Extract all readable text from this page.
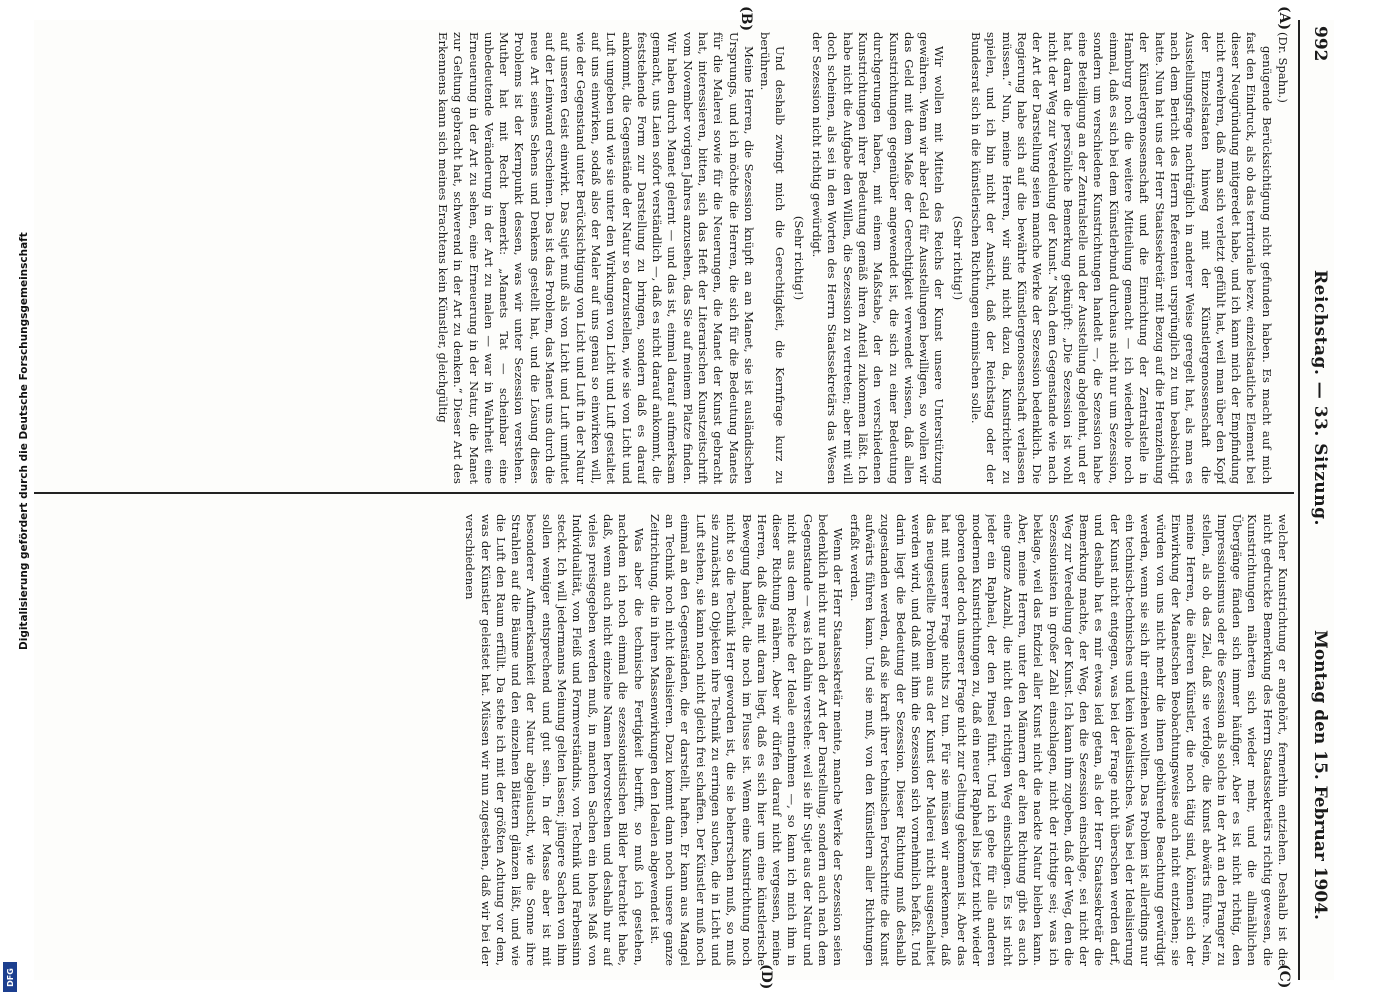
Digitalisierung gefördert durch die Deutsche Forschungsgemeinschaft
DFG
992
Reichstag. — 33. Sitzung.
Montag den 15. Februar 1904.
(A)
(B)
(C)
(D)

(Dr. Spahn.)

genügende Berücksichtigung nicht gefunden haben. Es macht auf mich fast den Eindruck, als ob das territoriale bezw. einzelstaatliche Element bei dieser Neugründung mitgeredet habe, und ich kann mich der Empfindung nicht erwehren, daß man sich verletzt gefühlt hat, weil man über den Kopf der Einzelstaaten hinweg mit der Künstlergenossenschaft die Ausstellungsfrage nachträglich in anderer Weise geregelt hat, als man es nach dem Bericht des Herrn Referenten ursprünglich zu tun beabsichtigt hatte. Nun hat uns der Herr Staatssekretär mit Bezug auf die Heranziehung der Künstlergenossenschaft und die Einrichtung der Zentralstelle in Hamburg noch die weitere Mitteilung gemacht — ich wiederhole noch einmal, daß es sich bei dem Künstlerbund durchaus nicht nur um Sezession, sondern um verschiedene Kunstrichtungen handelt —, die Sezession habe eine Beteiligung an der Zentralstelle und der Ausstellung abgelehnt, und er hat daran die persönliche Bemerkung geknüpft: „Die Sezession ist wohl nicht der Weg zur Veredelung der Kunst.“ Nach dem Gegenstande wie nach der Art der Darstellung seien manche Werke der Sezession bedenklich. Die Regierung habe sich auf die bewährte Künstlergenossenschaft verlassen müssen.“ Nun, meine Herren, wir sind nicht dazu da, Kunstrichter zu spielen, und ich bin nicht der Ansicht, daß der Reichstag oder der Bundesrat sich in die künstlerischen Richtungen einmischen solle.

(Sehr richtig!)

Wir wollen mit Mitteln des Reichs der Kunst unsere Unterstützung gewähren. Wenn wir aber Geld für Ausstellungen bewilligen, so wollen wir das Geld mit dem Maße der Gerechtigkeit verwendet wissen, daß allen Kunstrichtungen gegenüber angewendet ist, die sich zu einer Bedeutung durchgerungen haben, mit einem Maßstabe, der den verschiedenen Kunstrichtungen ihrer Bedeutung gemäß ihren Anteil zukommen läßt. Ich habe nicht die Aufgabe den Willen, die Sezession zu vertreten; aber mit will doch scheinen, als sei in den Worten des Herrn Staatssekretärs das Wesen der Sezession nicht richtig gewürdigt.

(Sehr richtig!)

Und deshalb zwingt mich die Gerechtigkeit, die Kernfrage kurz zu berühren.

Meine Herren, die Sezession knüpft an an Manet, sie ist ausländischen Ursprungs, und ich möchte die Herren, die sich für die Bedeutung Manets für die Malerei sowie für die Neuerungen, die Manet der Kunst gebracht hat, interessieren, bitten, sich das Heft der Literarischen Kunstzeitschrift vom November vorigen Jahres anzusehen, das Sie auf meinem Platze finden. Wir haben durch Manet gelernt — und das ist, einmal darauf aufmerksam gemacht, uns Laien sofort verständlich —, daß es nicht darauf ankommt, die feststehende Form zur Darstellung zu bringen, sondern daß es darauf ankommt, die Gegenstände der Natur so darzustellen, wie sie von Licht und Luft umgeben und wie sie unter den Wirkungen von Licht und Luft gestaltet auf uns einwirken, sodaß also der Maler auf uns genau so einwirken will, wie der Gegenstand unter Berücksichtigung von Licht und Luft in der Natur auf unseren Geist einwirkt. Das Sujet muß als von Licht und Luft umflutet auf der Leinwand erscheinen. Das ist das Problem, das Manet uns durch die neue Art seines Sehens und Denkens gestellt hat, und die Lösung dieses Problems ist der Kernpunkt dessen, was wir unter Sezession verstehen. Muther hat mit Recht bemerkt: „Manets Tat — scheinbar eine unbedeutende Veränderung in der Art zu malen — war in Wahrheit eine Erneuerung in der Art zu sehen, eine Erneuerung in der Natur, die Manet zur Geltung gebracht hat, schwerend in der Art zu denken.“ Dieser Art des Erkennens kann sich meines Erachtens kein Künstler, gleichgültig

welcher Kunstrichtung er angehört, fernerhin entziehen. Deshalb ist die nicht gedruckte Bemerkung des Herrn Staatssekretärs richtig gewesen, die Kunstrichtungen näherten sich wieder mehr, und die allmählichen Übergänge fänden sich immer häufiger. Aber es ist nicht richtig, den Impressionismus oder die Sezession als solche in der Art an den Pranger zu stellen, als ob das Ziel, daß sie verfolge, die Kunst abwärts führe. Nein, meine Herren, die älteren Künstler, die noch tätig sind, können sich der Einwirkung der Manetschen Beobachtungsweise auch nicht entziehen; sie würden von uns nicht mehr die ihnen gebührende Beachtung gewürdigt werden, wenn sie sich ihr entziehen wollten. Das Problem ist allerdings nur ein technisch-technisches und kein idealistisches. Was bei der Idealisierung der Kunst nicht entgegen, was bei der Frage nicht überschen werden darf, und deshalb hat es mir etwas leid getan, als der Herr Staatssekretär die Bemerkung machte, der Weg, den die Sezession einschlage, sei nicht der Weg zur Veredelung der Kunst. Ich kann ihm zugeben, daß der Weg, den die Sezessionisten in großer Zahl einschlagen, nicht der richtige sei; was ich beklage, weil das Endziel aller Kunst nicht die nackte Natur bleiben kann. Aber, meine Herren, unter den Männern der alten Richtung gibt es auch eine ganze Anzahl, die nicht den richtigen Weg einschlagen. Es ist nicht jeder ein Raphael, der den Pinsel führt. Und ich gebe für alle anderen modernen Kunstrichtungen zu, daß ein neuer Raphael bis jetzt nicht wieder geboren oder doch unserer Frage nicht zur Geltung gekommen ist. Aber das hat mit unserer Frage nichts zu tun. Für sie müssen wir anerkennen, daß das neugestellte Problem aus der Kunst der Malerei nicht ausgeschaltet werden wird, und daß mit ihm die Sezession sich vornehmlich befaßt. Und darin liegt die Bedeutung der Sezession. Dieser Richtung muß deshalb zugestanden werden, daß sie kraft ihrer technischen Fortschritte die Kunst aufwärts führen kann. Und sie muß, von den Künstlern aller Richtungen erfaßt werden.

Wenn der Herr Staatssekretär meinte, manche Werke der Sezession seien bedenklich nicht nur nach der Art der Darstellung, sondern auch nach dem Gegenstande — was ich dahin verstehe: weil sie ihr Sujet aus der Natur und nicht aus dem Reiche der Ideale entnehmen —, so kann ich mich ihm in dieser Richtung nähern. Aber wir dürfen darauf nicht vergessen, meine Herren, daß dies mit daran liegt, daß es sich hier um eine künstlerische Bewegung handelt, die noch im Flusse ist. Wenn eine Kunstrichtung noch nicht so die Technik Herr geworden ist, die sie beherrschen muß, so muß sie zunächst an Objekten ihre Technik zu erringen suchen, die in Licht und Luft stehen, sie kann noch nicht gleich frei schaffen. Der Künstler muß noch einmal an den Gegenständen, die er darstellt, haften. Er kann aus Mangel an Technik noch nicht idealisieren. Dazu kommt dann noch unsere ganze Zeitrichtung, die in ihren Massenwirkungen den Idealen abgewendet ist.

Was aber die technische Fertigkeit betrifft, so muß ich gestehen, nachdem ich noch einmal die sezessionistischen Bilder betrachtet habe, daß, wenn auch nicht einzelne Namen hervorstechen und deshalb nur auf vieles preisgegeben werden muß, in manchen Sachen ein hohes Maß von Individualität, von Fleiß und Formverständnis, von Technik und Farbensinn steckt. Ich will jedermanns Meinung gelten lassen; jüngere Sachen von ihm sollen weniger entsprechend und gut sein. In der Masse aber ist mit besonderer Aufmerksamkeit der Natur abgelauscht, wie die Sonne ihre Strahlen auf die Bäume und den einzelnen Blättern glänzen läßt, und wie die Luft den Raum erfüllt. Da stehe ich mit der größten Achtung vor dem, was der Künstler geleistet hat. Müssen wir nun zugestehen, daß wir bei der verschiedenen
